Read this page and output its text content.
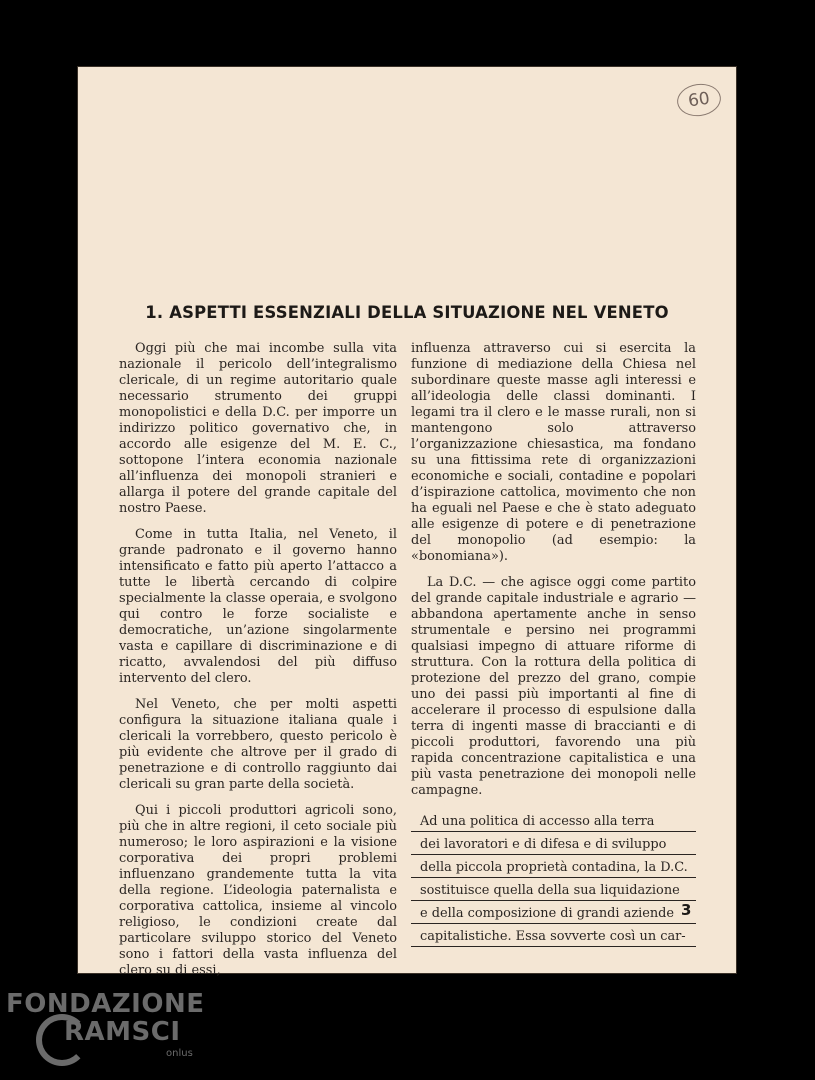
60
1. ASPETTI ESSENZIALI DELLA SITUAZIONE NEL VENETO

Oggi più che mai incombe sulla vita nazionale il pericolo dell’integralismo clericale, di un regime autoritario quale necessario strumento dei gruppi monopolistici e della D.C. per imporre un indirizzo politico governativo che, in accordo alle esigenze del M. E. C., sottopone l’intera economia nazionale all’influenza dei monopoli stranieri e allarga il potere del grande capitale del nostro Paese.

Come in tutta Italia, nel Veneto, il grande padronato e il governo hanno intensificato e fatto più aperto l’attacco a tutte le libertà cercando di colpire specialmente la classe operaia, e svolgono qui contro le forze socialiste e democratiche, un’azione singolarmente vasta e capillare di discriminazione e di ricatto, avvalendosi del più diffuso intervento del clero.

Nel Veneto, che per molti aspetti configura la situazione italiana quale i clericali la vorrebbero, questo pericolo è più evidente che altrove per il grado di penetrazione e di controllo raggiunto dai clericali su gran parte della società.

Qui i piccoli produttori agricoli sono, più che in altre regioni, il ceto sociale più numeroso; le loro aspirazioni e la visione corporativa dei propri problemi influenzano grandemente tutta la vita della regione. L’ideologia paternalista e corporativa cattolica, insieme al vincolo religioso, le condizioni create dal particolare sviluppo storico del Veneto sono i fattori della vasta influenza del clero su di essi,

influenza attraverso cui si esercita la funzione di mediazione della Chiesa nel subordinare queste masse agli interessi e all’ideologia delle classi dominanti. I legami tra il clero e le masse rurali, non si mantengono solo attraverso l’organizzazione chiesastica, ma fondano su una fittissima rete di organizzazioni economiche e sociali, contadine e popolari d’ispirazione cattolica, movimento che non ha eguali nel Paese e che è stato adeguato alle esigenze di potere e di penetrazione del monopolio (ad esempio: la «bonomiana»).

La D.C. — che agisce oggi come partito del grande capitale industriale e agrario — abbandona apertamente anche in senso strumentale e persino nei programmi qualsiasi impegno di attuare riforme di struttura. Con la rottura della politica di protezione del prezzo del grano, compie uno dei passi più importanti al fine di accelerare il processo di espulsione dalla terra di ingenti masse di braccianti e di piccoli produttori, favorendo una più rapida concentrazione capitalistica e una più vasta penetrazione dei monopoli nelle campagne.

Ad una politica di accesso alla terra
dei lavoratori e di difesa e di sviluppo
della piccola proprietà contadina, la D.C.
sostituisce quella della sua liquidazione
e della composizione di grandi aziende
capitalistiche. Essa sovverte così un car-
3
FONDAZIONE
RAMSCI
onlus
